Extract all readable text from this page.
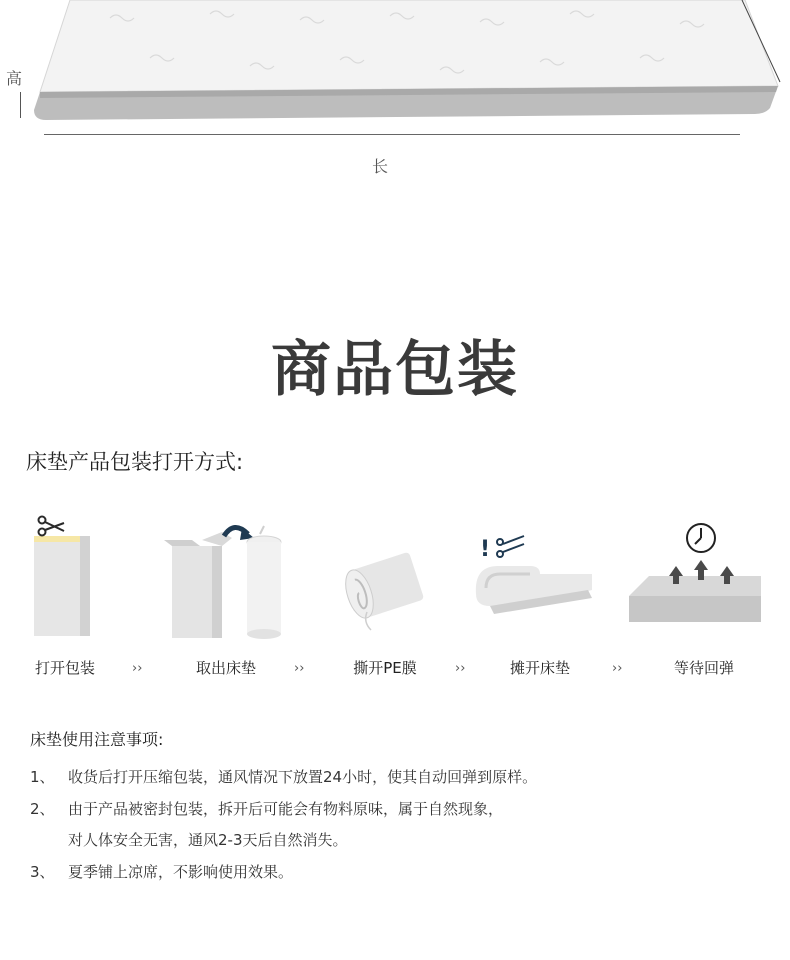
高
长
商品包装
床垫产品包装打开方式:
打开包装	››	取出床垫	››	撕开PE膜	››
!
摊开床垫	››	等待回弹
床垫使用注意事项:
1、 收货后打开压缩包装，通风情况下放置24小时，使其自动回弹到原样。
2、 由于产品被密封包装，拆开后可能会有物料原味，属于自然现象，
对人体安全无害，通风2-3天后自然消失。
3、 夏季铺上凉席，不影响使用效果。
